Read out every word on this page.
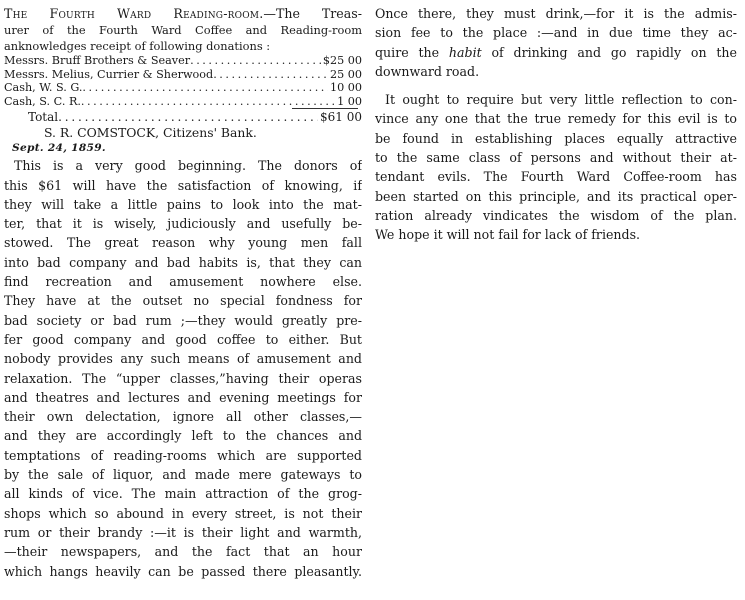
The Fourth Ward Reading-room.—The Treas-
urer of the Fourth Ward Coffee and Reading-room
anknowledges receipt of following donations :
Messrs. Bruff Brothers & Seaver . . .	$25 00
Messrs. Melius, Currier & Sherwood . . .	25 00
Cash, W. S. G. . . .	10 00
Cash, S. C. R. . . .	1 00
Total . . .	$61 00
S. R. COMSTOCK, Citizens' Bank.
Sept. 24, 1859.
This is a very good beginning. The donors of
this $61 will have the satisfaction of knowing, if
they will take a little pains to look into the mat-
ter, that it is wisely, judiciously and usefully be-
stowed. The great reason why young men fall
into bad company and bad habits is, that they can
find recreation and amusement nowhere else.
They have at the outset no special fondness for
bad society or bad rum ;—they would greatly pre-
fer good company and good coffee to either. But
nobody provides any such means of amusement and
relaxation. The “upper classes,”having their operas
and theatres and lectures and evening meetings for
their own delectation, ignore all other classes,—
and they are accordingly left to the chances and
temptations of reading-rooms which are supported
by the sale of liquor, and made mere gateways to
all kinds of vice. The main attraction of the grog-
shops which so abound in every street, is not their
rum or their brandy :—it is their light and warmth,
—their newspapers, and the fact that an hour
which hangs heavily can be passed there pleasantly.
Once there, they must drink,—for it is the admis-
sion fee to the place :—and in due time they ac-
quire the habit of drinking and go rapidly on the
downward road.
It ought to require but very little reflection to con-
vince any one that the true remedy for this evil is to
be found in establishing places equally attractive
to the same class of persons and without their at-
tendant evils. The Fourth Ward Coffee-room has
been started on this principle, and its practical oper-
ration already vindicates the wisdom of the plan.
We hope it will not fail for lack of friends.
